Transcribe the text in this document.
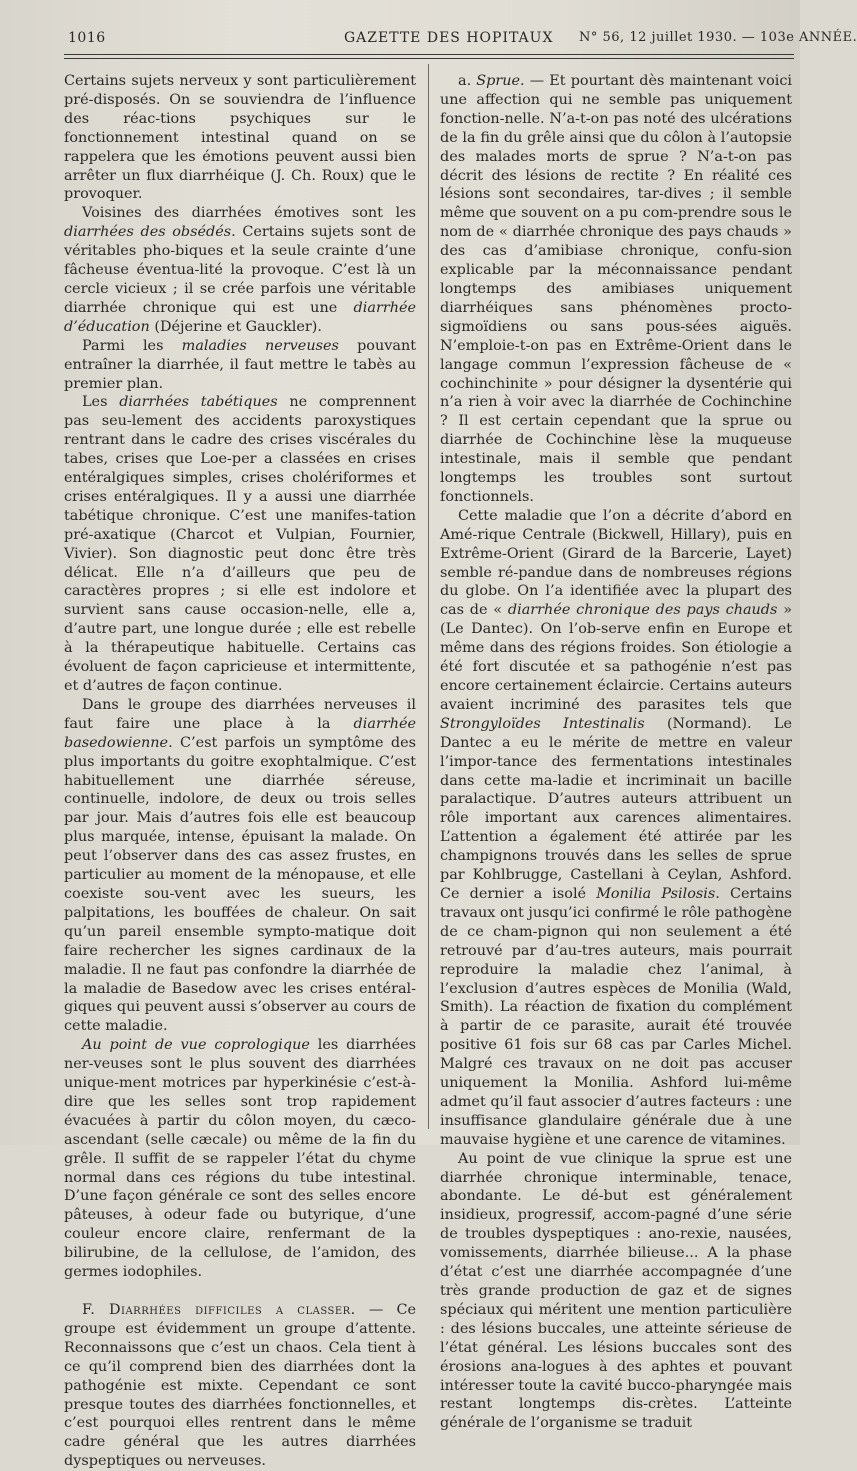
1016	GAZETTE DES HOPITAUX N° 56, 12 juillet 1930. — 103e ANNÉE.

Certains sujets nerveux y sont particulièrement pré-disposés. On se souviendra de l’influence des réac-tions psychiques sur le fonctionnement intestinal quand on se rappelera que les émotions peuvent aussi bien arrêter un flux diarrhéique (J. Ch. Roux) que le provoquer.

Voisines des diarrhées émotives sont les diarrhées des obsédés. Certains sujets sont de véritables pho-biques et la seule crainte d’une fâcheuse éventua-lité la provoque. C’est là un cercle vicieux ; il se crée parfois une véritable diarrhée chronique qui est une diarrhée d’éducation (Déjerine et Gauckler).

Parmi les maladies nerveuses pouvant entraîner la diarrhée, il faut mettre le tabès au premier plan.

Les diarrhées tabétiques ne comprennent pas seu-lement des accidents paroxystiques rentrant dans le cadre des crises viscérales du tabes, crises que Loe-per a classées en crises entéralgiques simples, crises cholériformes et crises entéralgiques. Il y a aussi une diarrhée tabétique chronique. C’est une manifes-tation pré-axatique (Charcot et Vulpian, Fournier, Vivier). Son diagnostic peut donc être très délicat. Elle n’a d’ailleurs que peu de caractères propres ; si elle est indolore et survient sans cause occasion-nelle, elle a, d’autre part, une longue durée ; elle est rebelle à la thérapeutique habituelle. Certains cas évoluent de façon capricieuse et intermittente, et d’autres de façon continue.

Dans le groupe des diarrhées nerveuses il faut faire une place à la diarrhée basedowienne. C’est parfois un symptôme des plus importants du goitre exophtalmique. C’est habituellement une diarrhée séreuse, continuelle, indolore, de deux ou trois selles par jour. Mais d’autres fois elle est beaucoup plus marquée, intense, épuisant la malade. On peut l’observer dans des cas assez frustes, en particulier au moment de la ménopause, et elle coexiste sou-vent avec les sueurs, les palpitations, les bouffées de chaleur. On sait qu’un pareil ensemble sympto-matique doit faire rechercher les signes cardinaux de la maladie. Il ne faut pas confondre la diarrhée de la maladie de Basedow avec les crises entéral-giques qui peuvent aussi s’observer au cours de cette maladie.

Au point de vue coprologique les diarrhées ner-veuses sont le plus souvent des diarrhées unique-ment motrices par hyperkinésie c’est-à-dire que les selles sont trop rapidement évacuées à partir du côlon moyen, du cæco-ascendant (selle cæcale) ou même de la fin du grêle. Il suffit de se rappeler l’état du chyme normal dans ces régions du tube intestinal. D’une façon générale ce sont des selles encore pâteuses, à odeur fade ou butyrique, d’une couleur encore claire, renfermant de la bilirubine, de la cellulose, de l’amidon, des germes iodophiles.

F. Diarrhées difficiles a classer. — Ce groupe est évidemment un groupe d’attente. Reconnaissons que c’est un chaos. Cela tient à ce qu’il comprend bien des diarrhées dont la pathogénie est mixte. Cependant ce sont presque toutes des diarrhées fonctionnelles, et c’est pourquoi elles rentrent dans le même cadre général que les autres diarrhées dyspeptiques ou nerveuses.

a. Sprue. — Et pourtant dès maintenant voici une affection qui ne semble pas uniquement fonction-nelle. N’a-t-on pas noté des ulcérations de la fin du grêle ainsi que du côlon à l’autopsie des malades morts de sprue ? N’a-t-on pas décrit des lésions de rectite ? En réalité ces lésions sont secondaires, tar-dives ; il semble même que souvent on a pu com-prendre sous le nom de « diarrhée chronique des pays chauds » des cas d’amibiase chronique, confu-sion explicable par la méconnaissance pendant longtemps des amibiases uniquement diarrhéiques sans phénomènes procto-sigmoïdiens ou sans pous-sées aiguës. N’emploie-t-on pas en Extrême-Orient dans le langage commun l’expression fâcheuse de « cochinchinite » pour désigner la dysentérie qui n’a rien à voir avec la diarrhée de Cochinchine ? Il est certain cependant que la sprue ou diarrhée de Cochinchine lèse la muqueuse intestinale, mais il semble que pendant longtemps les troubles sont surtout fonctionnels.

Cette maladie que l’on a décrite d’abord en Amé-rique Centrale (Bickwell, Hillary), puis en Extrême-Orient (Girard de la Barcerie, Layet) semble ré-pandue dans de nombreuses régions du globe. On l’a identifiée avec la plupart des cas de « diarrhée chronique des pays chauds » (Le Dantec). On l’ob-serve enfin en Europe et même dans des régions froides. Son étiologie a été fort discutée et sa pathogénie n’est pas encore certainement éclaircie. Certains auteurs avaient incriminé des parasites tels que Strongyloïdes Intestinalis (Normand). Le Dantec a eu le mérite de mettre en valeur l’impor-tance des fermentations intestinales dans cette ma-ladie et incriminait un bacille paralactique. D’autres auteurs attribuent un rôle important aux carences alimentaires. L’attention a également été attirée par les champignons trouvés dans les selles de sprue par Kohlbrugge, Castellani à Ceylan, Ashford. Ce dernier a isolé Monilia Psilosis. Certains travaux ont jusqu’ici confirmé le rôle pathogène de ce cham-pignon qui non seulement a été retrouvé par d’au-tres auteurs, mais pourrait reproduire la maladie chez l’animal, à l’exclusion d’autres espèces de Monilia (Wald, Smith). La réaction de fixation du complément à partir de ce parasite, aurait été trouvée positive 61 fois sur 68 cas par Carles Michel. Malgré ces travaux on ne doit pas accuser uniquement la Monilia. Ashford lui-même admet qu’il faut associer d’autres facteurs : une insuffisance glandulaire générale due à une mauvaise hygiène et une carence de vitamines.

Au point de vue clinique la sprue est une diarrhée chronique interminable, tenace, abondante. Le dé-but est généralement insidieux, progressif, accom-pagné d’une série de troubles dyspeptiques : ano-rexie, nausées, vomissements, diarrhée bilieuse... A la phase d’état c’est une diarrhée accompagnée d’une très grande production de gaz et de signes spéciaux qui méritent une mention particulière : des lésions buccales, une atteinte sérieuse de l’état général. Les lésions buccales sont des érosions ana-logues à des aphtes et pouvant intéresser toute la cavité bucco-pharyngée mais restant longtemps dis-crètes. L’atteinte générale de l’organisme se traduit
